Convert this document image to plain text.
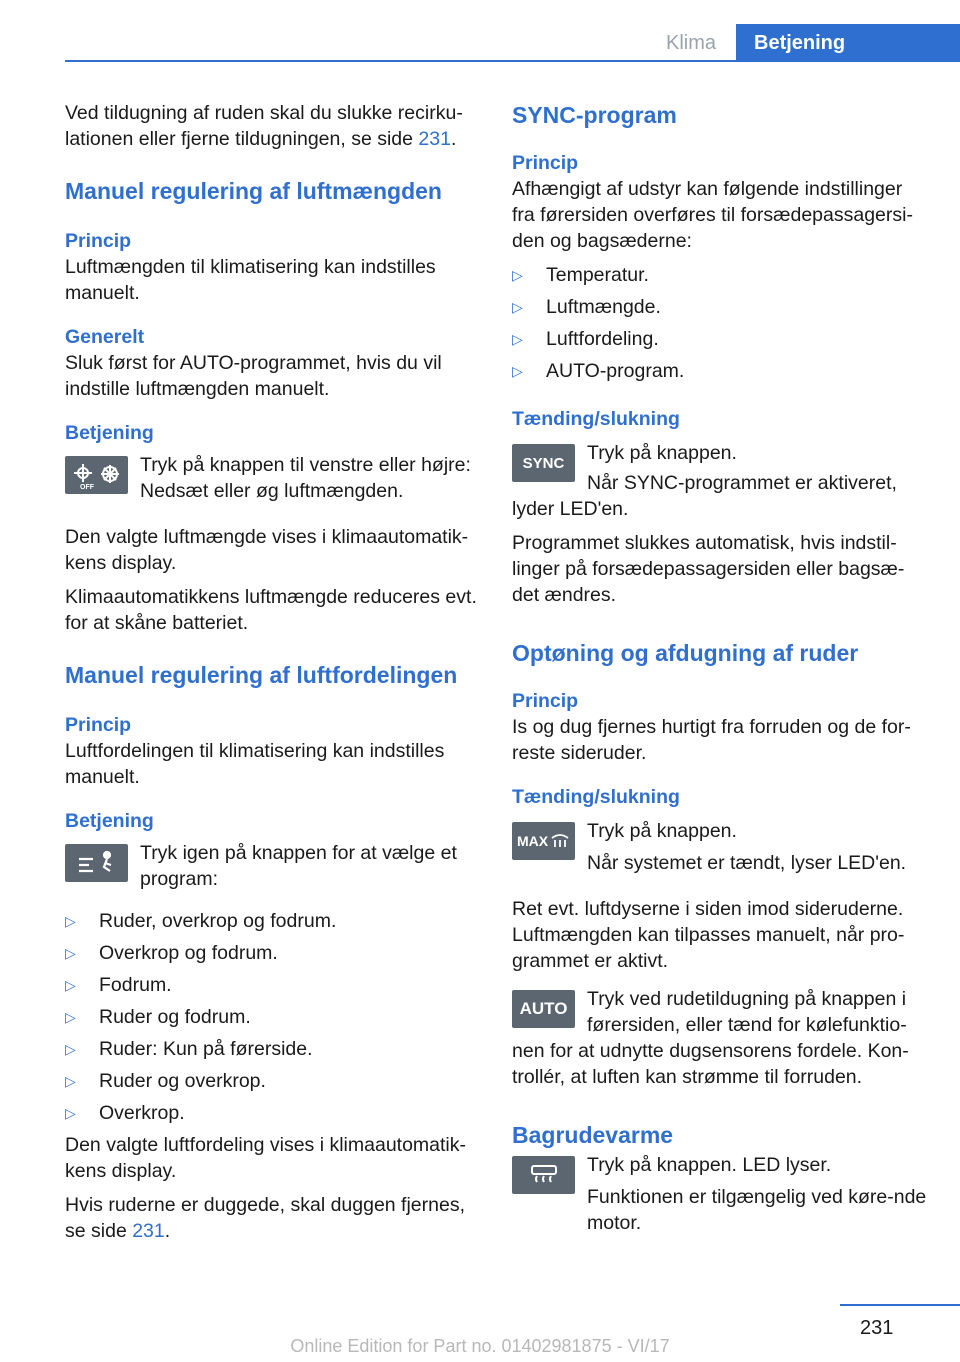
Klima	Betjening

Ved tildugning af ruden skal du slukke recirku-lationen eller fjerne tildugningen, se side 231.

Manuel regulering af luftmængden
Princip

Luftmængden til klimatisering kan indstilles manuelt.

Generelt

Sluk først for AUTO-programmet, hvis du vil indstille luftmængden manuelt.

Betjening
OFF

Tryk på knappen til venstre eller højre: Nedsæt eller øg luftmængden.

Den valgte luftmængde vises i klimaautomatik-kens display.

Klimaautomatikkens luftmængde reduceres evt. for at skåne batteriet.

Manuel regulering af luftfordelingen
Princip

Luftfordelingen til klimatisering kan indstilles manuelt.

Betjening

Tryk igen på knappen for at vælge et program:

▷ Ruder, overkrop og fodrum.
▷ Overkrop og fodrum.
▷ Fodrum.
▷ Ruder og fodrum.
▷ Ruder: Kun på førerside.
▷ Ruder og overkrop.
▷ Overkrop.

Den valgte luftfordeling vises i klimaautomatik-kens display.

Hvis ruderne er duggede, skal duggen fjernes, se side 231.

SYNC-program
Princip

Afhængigt af udstyr kan følgende indstillinger fra førersiden overføres til forsædepassagersi-den og bagsæderne:

▷ Temperatur.
▷ Luftmængde.
▷ Luftfordeling.
▷ AUTO-program.
Tænding/slukning
SYNC	Tryk på knappen.

Når SYNC-programmet er aktiveret, lyder LED'en.

Programmet slukkes automatisk, hvis indstil-linger på forsædepassagersiden eller bagsæ-det ændres.

Optøning og afdugning af ruder
Princip

Is og dug fjernes hurtigt fra forruden og de for-reste sideruder.

Tænding/slukning
MAX Tryk på knappen.

Når systemet er tændt, lyser LED'en.

Ret evt. luftdyserne i siden imod sideruderne. Luftmængden kan tilpasses manuelt, når pro-grammet er aktivt.

AUTO	Tryk ved rudetildugning på knappen i førersiden, eller tænd for kølefunktio-nen for at udnytte dugsensorens fordele. Kon-trollér, at luften kan strømme til forruden.

Bagrudevarme

Tryk på knappen. LED lyser.

Funktionen er tilgængelig ved køre-nde motor.

231
Online Edition for Part no. 01402981875 - VI/17
